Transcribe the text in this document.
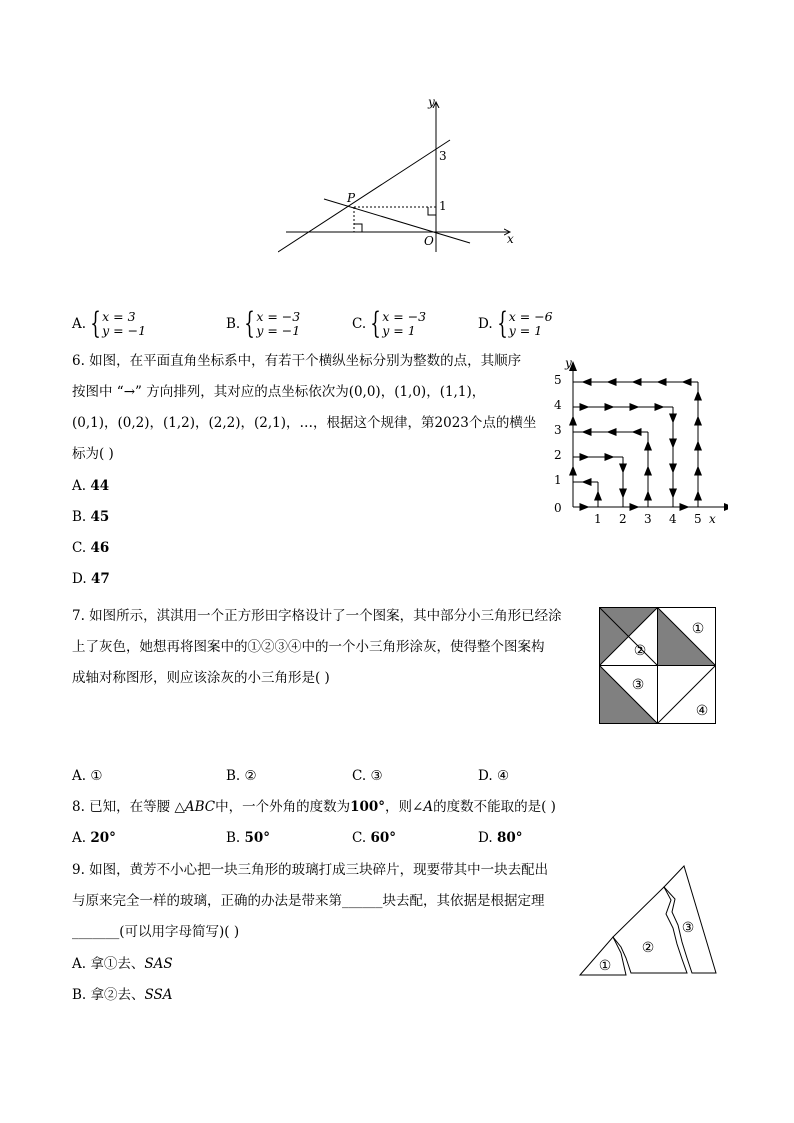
y
x
O
P
3
1
A. { x = 3
y = −1	B. { x = −3
y = −1	C. { x = −3
y = 1	D. { x = −6
y = 1
6. 如图，在平面直角坐标系中，有若干个横纵坐标分别为整数的点，其顺序
按图中 “→” 方向排列，其对应的点坐标依次为(0,0)，(1,0)，(1,1)，
(0,1)，(0,2)，(1,2)，(2,2)，(2,1)，…，根据这个规律，第2023个点的横坐
标为( )
A. 44
B. 45
C. 46
D. 47
y
x
0
1 2 3 4 5
1
2
3
4
5
7. 如图所示，淇淇用一个正方形田字格设计了一个图案，其中部分小三角形已经涂
上了灰色，她想再将图案中的①②③④中的一个小三角形涂灰，使得整个图案构
成轴对称图形，则应该涂灰的小三角形是( )
①
②
③
④
A. ①	B. ②	C. ③	D. ④
8. 已知，在等腰 △ABC中，一个外角的度数为100°，则∠A的度数不能取的是( )
A. 20°	B. 50°	C. 60°	D. 80°
9. 如图，黄芳不小心把一块三角形的玻璃打成三块碎片，现要带其中一块去配出
与原来完全一样的玻璃，正确的办法是带来第______块去配，其依据是根据定理
_______(可以用字母简写)( )
A. 拿①去、SAS
B. 拿②去、SSA
①
②
③
